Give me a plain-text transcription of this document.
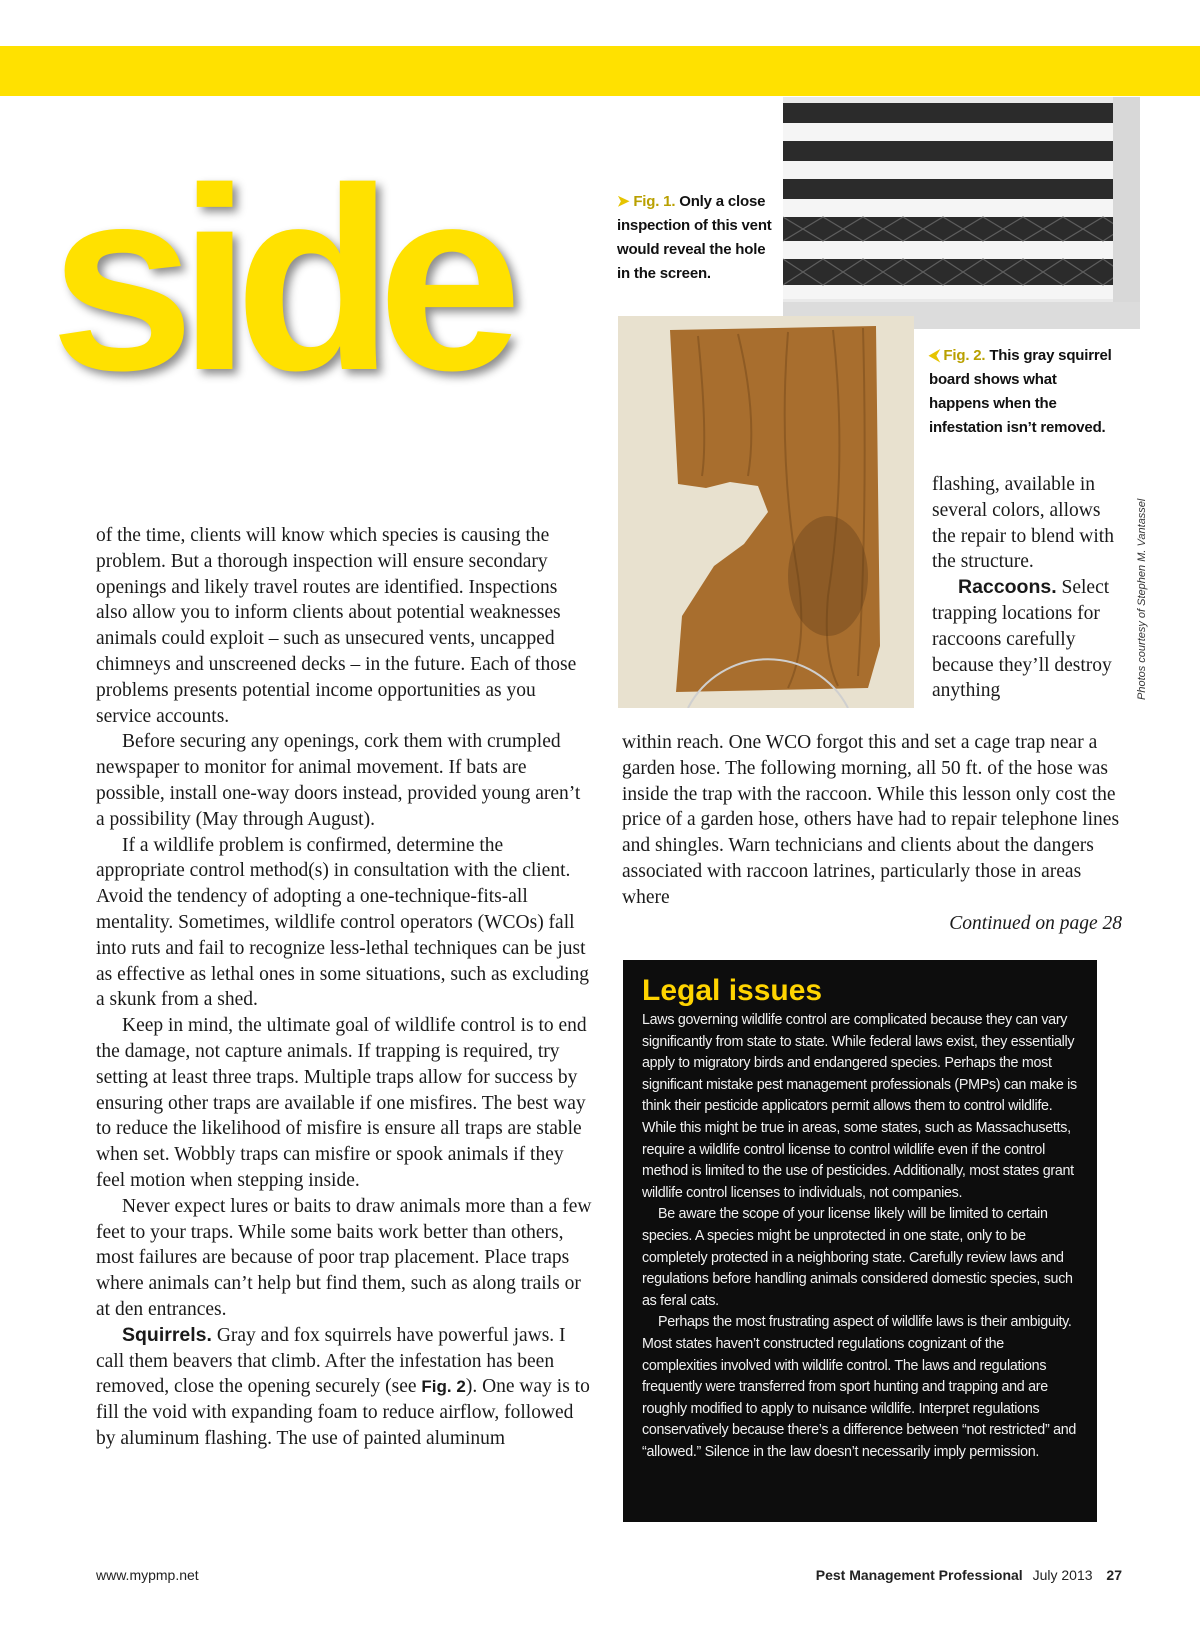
side	➤ Fig. 1. Only a close inspection of this vent would reveal the hole in the screen.
⮜ Fig. 2. This gray squirrel board shows what happens when the infestation isn’t removed.
Photos courtesy of Stephen M. Vantassel

of the time, clients will know which species is causing the problem. But a thorough inspection will ensure secondary openings and likely travel routes are identified. Inspections also allow you to inform clients about potential weaknesses animals could exploit – such as unsecured vents, uncapped chimneys and unscreened decks – in the future. Each of those problems presents potential income opportunities as you service accounts.

Before securing any openings, cork them with crumpled newspaper to monitor for animal movement. If bats are possible, install one-way doors instead, provided young aren’t a possibility (May through August).

If a wildlife problem is confirmed, determine the appropriate control method(s) in consultation with the client. Avoid the tendency of adopting a one-technique-fits-all mentality. Sometimes, wildlife control operators (WCOs) fall into ruts and fail to recognize less-lethal techniques can be just as effective as lethal ones in some situations, such as excluding a skunk from a shed.

Keep in mind, the ultimate goal of wildlife control is to end the damage, not capture animals. If trapping is required, try setting at least three traps. Multiple traps allow for success by ensuring other traps are available if one misfires. The best way to reduce the likelihood of misfire is ensure all traps are stable when set. Wobbly traps can misfire or spook animals if they feel motion when stepping inside.

Never expect lures or baits to draw animals more than a few feet to your traps. While some baits work better than others, most failures are because of poor trap placement. Place traps where animals can’t help but find them, such as along trails or at den entrances.

Squirrels. Gray and fox squirrels have powerful jaws. I call them beavers that climb. After the infestation has been removed, close the opening securely (see Fig. 2). One way is to fill the void with expanding foam to reduce airflow, followed by aluminum flashing. The use of painted aluminum

flashing, available in several colors, allows the repair to blend with the structure.

Raccoons. Select trapping locations for raccoons carefully because they’ll destroy anything

within reach. One WCO forgot this and set a cage trap near a garden hose. The following morning, all 50 ft. of the hose was inside the trap with the raccoon. While this lesson only cost the price of a garden hose, others have had to repair telephone lines and shingles. Warn technicians and clients about the dangers associated with raccoon latrines, particularly those in areas where

Continued on page 28

Legal issues

Laws governing wildlife control are complicated because they can vary significantly from state to state. While federal laws exist, they essentially apply to migratory birds and endangered species. Perhaps the most significant mistake pest management professionals (PMPs) can make is think their pesticide applicators permit allows them to control wildlife. While this might be true in areas, some states, such as Massachusetts, require a wildlife control license to control wildlife even if the control method is limited to the use of pesticides. Additionally, most states grant wildlife control licenses to individuals, not companies.

Be aware the scope of your license likely will be limited to certain species. A species might be unprotected in one state, only to be completely protected in a neighboring state. Carefully review laws and regulations before handling animals considered domestic species, such as feral cats.

Perhaps the most frustrating aspect of wildlife laws is their ambiguity. Most states haven’t constructed regulations cognizant of the complexities involved with wildlife control. The laws and regulations frequently were transferred from sport hunting and trapping and are roughly modified to apply to nuisance wildlife. Interpret regulations conservatively because there’s a difference between “not restricted” and “allowed.” Silence in the law doesn’t necessarily imply permission.

www.mypmp.net	Pest Management Professional July 2013 27
